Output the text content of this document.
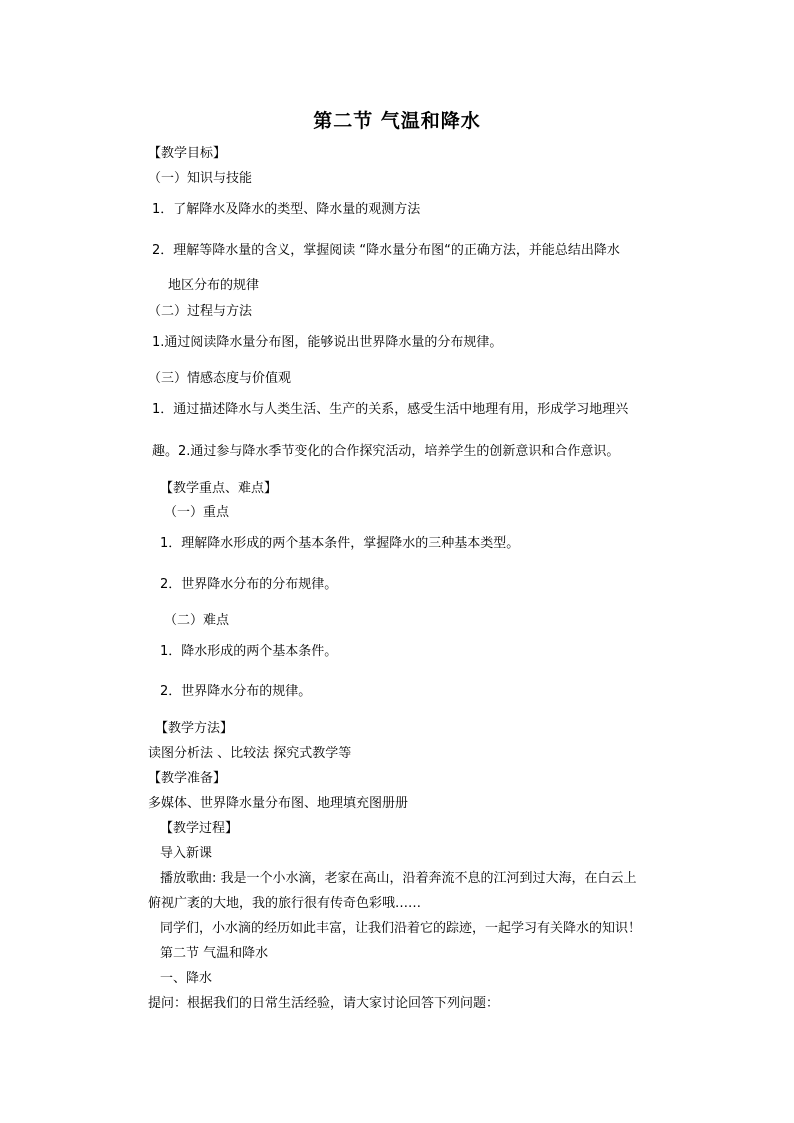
第二节 气温和降水
【教学目标】
（一）知识与技能
1．了解降水及降水的类型、降水量的观测方法
2．理解等降水量的含义，掌握阅读 “降水量分布图“的正确方法，并能总结出降水
地区分布的规律
（二）过程与方法
1.通过阅读降水量分布图，能够说出世界降水量的分布规律。
（三）情感态度与价值观
1．通过描述降水与人类生活、生产的关系，感受生活中地理有用，形成学习地理兴
趣。2.通过参与降水季节变化的合作探究活动，培养学生的创新意识和合作意识。
【教学重点、难点】
（一）重点
1．理解降水形成的两个基本条件，掌握降水的三种基本类型。
2．世界降水分布的分布规律。
（二）难点
1．降水形成的两个基本条件。
2．世界降水分布的规律。
【教学方法】
读图分析法 、比较法 探究式教学等
【教学准备】
多媒体、世界降水量分布图、地理填充图册册
【教学过程】
导入新课
播放歌曲: 我是一个小水滴，老家在高山，沿着奔流不息的江河到过大海，在白云上
俯视广袤的大地，我的旅行很有传奇色彩哦……
同学们，小水滴的经历如此丰富，让我们沿着它的踪迹，一起学习有关降水的知识！
第二节 气温和降水
一、降水
提问：根据我们的日常生活经验，请大家讨论回答下列问题：
